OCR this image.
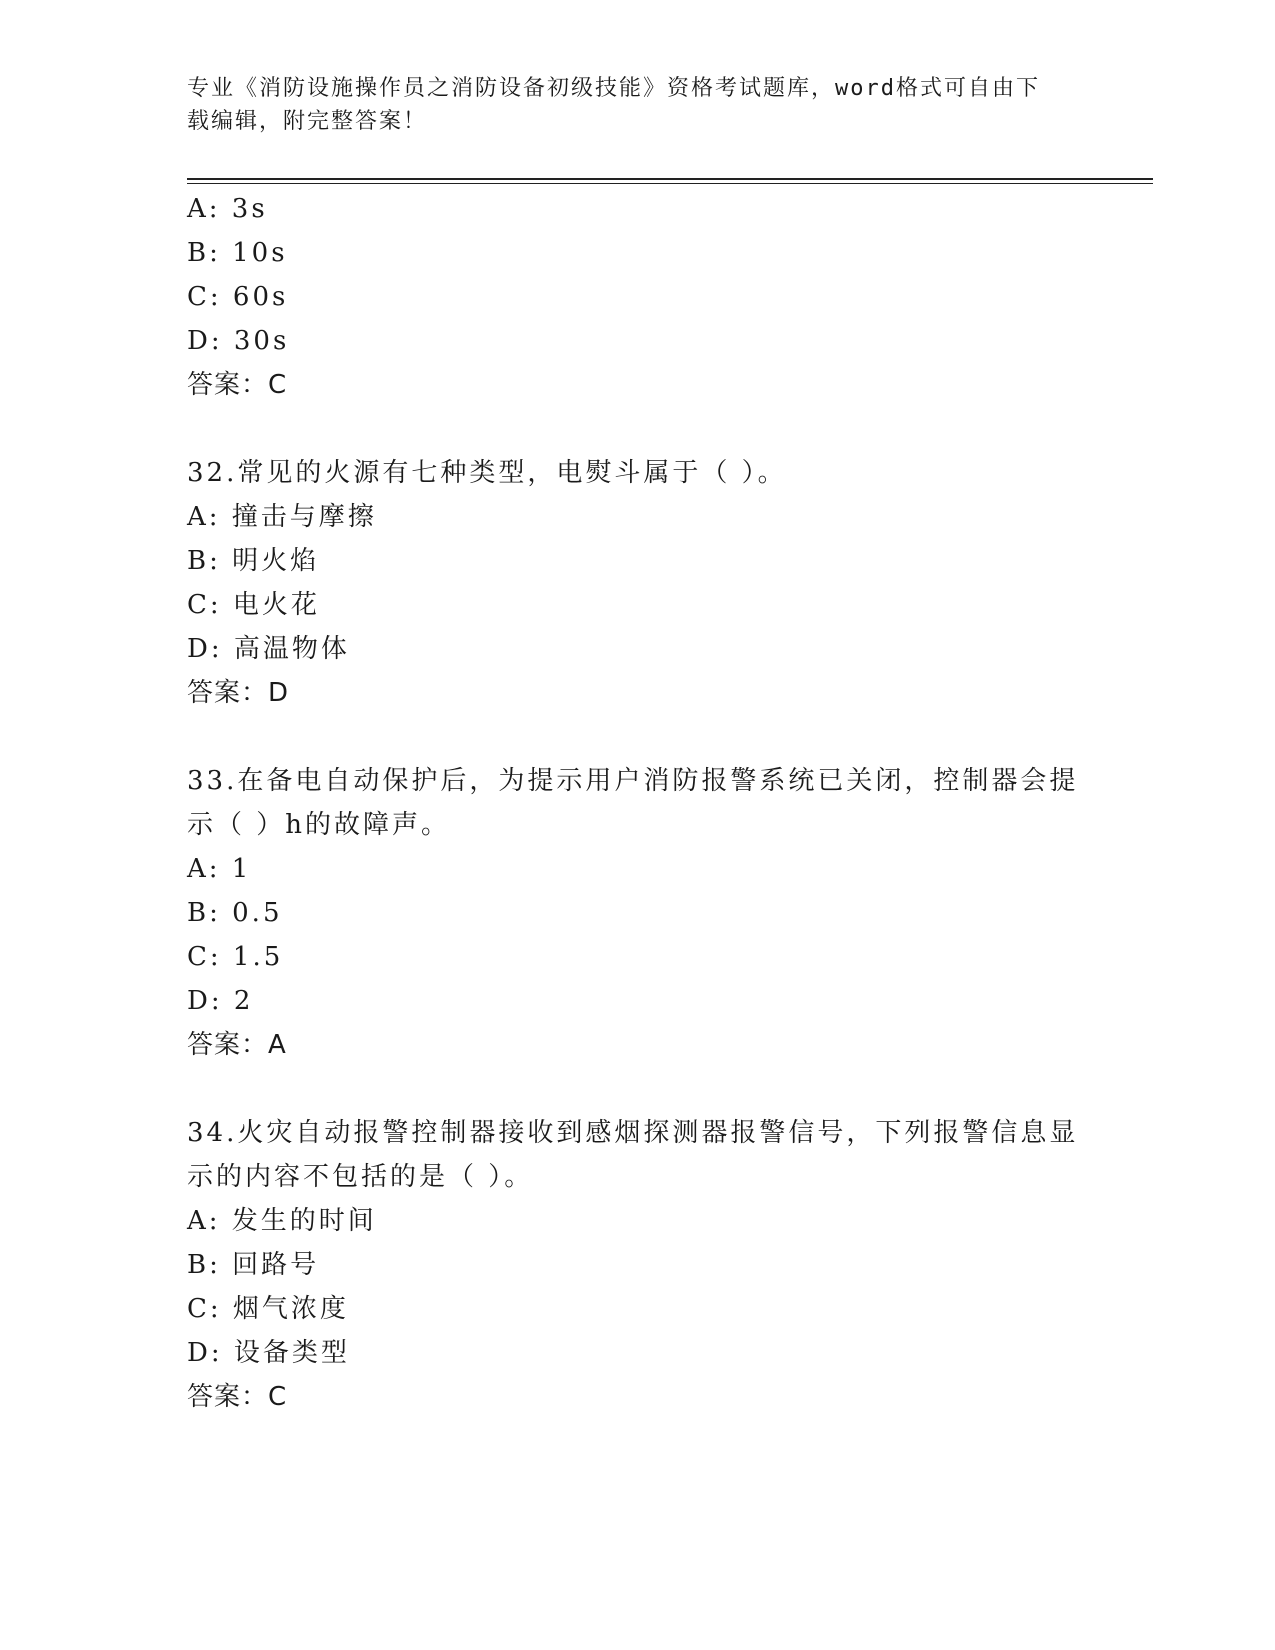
专业《消防设施操作员之消防设备初级技能》资格考试题库，word格式可自由下
载编辑，附完整答案！
A: 3s
B: 10s
C: 60s
D: 30s
答案：C
32.常见的火源有七种类型，电熨斗属于（ ）。
A: 撞击与摩擦
B: 明火焰
C: 电火花
D: 高温物体
答案：D
33.在备电自动保护后，为提示用户消防报警系统已关闭，控制器会提
示（ ）h的故障声。
A: 1
B: 0.5
C: 1.5
D: 2
答案：A
34.火灾自动报警控制器接收到感烟探测器报警信号，下列报警信息显
示的内容不包括的是（ ）。
A: 发生的时间
B: 回路号
C: 烟气浓度
D: 设备类型
答案：C
